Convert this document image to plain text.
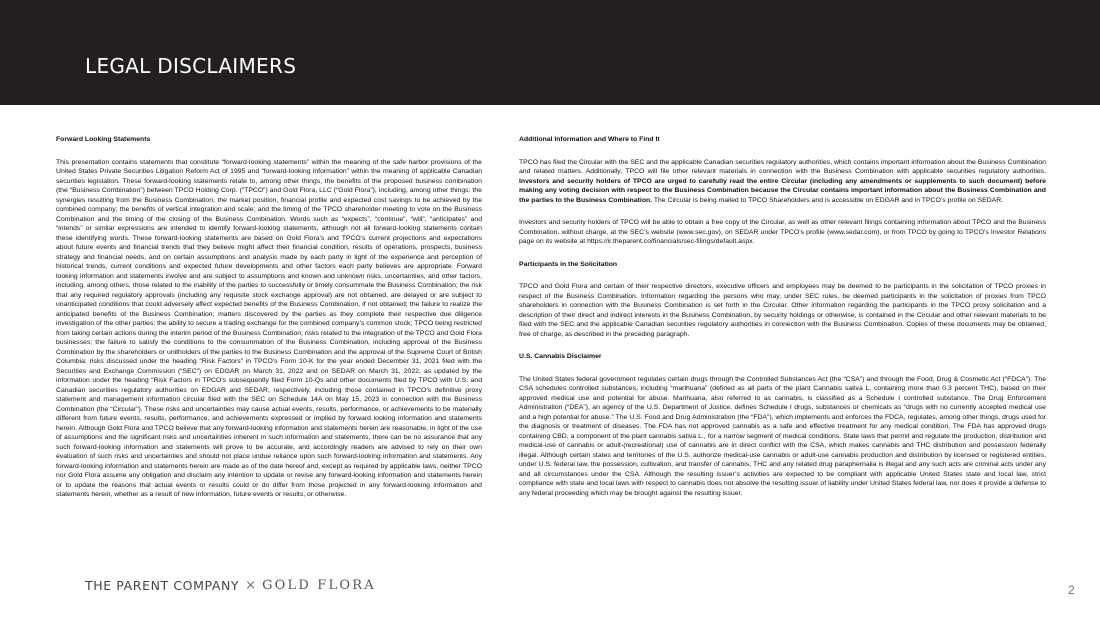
LEGAL DISCLAIMERS
Forward Looking Statements

This presentation contains statements that constitute “forward-looking statements” within the meaning of the safe harbor provisions of the United States Private Securities Litigation Reform Act of 1995 and “forward-looking information” within the meaning of applicable Canadian securities legislation. These forward-looking statements relate to, among other things, the benefits of the proposed business combination (the “Business Combination”) between TPCO Holding Corp. (“TPCO”) and Gold Flora, LLC (“Gold Flora”), including, among other things: the synergies resulting from the Business Combination; the market position, financial profile and expected cost savings to be achieved by the combined company; the benefits of vertical integration and scale; and the timing of the TPCO shareholder meeting to vote on the Business Combination and the timing of the closing of the Business Combination. Words such as “expects”, “continue”, “will”, “anticipates” and “intends” or similar expressions are intended to identify forward-looking statements, although not all forward-looking statements contain these identifying words. These forward-looking statements are based on Gold Flora’s and TPCO’s current projections and expectations about future events and financial trends that they believe might affect their financial condition, results of operations, prospects, business strategy and financial needs, and on certain assumptions and analysis made by each party in light of the experience and perception of historical trends, current conditions and expected future developments and other factors each party believes are appropriate. Forward looking information and statements involve and are subject to assumptions and known and unknown risks, uncertainties, and other factors, including, among others, those related to the inability of the parties to successfully or timely consummate the Business Combination; the risk that any required regulatory approvals (including any requisite stock exchange approval) are not obtained, are delayed or are subject to unanticipated conditions that could adversely affect expected benefits of the Business Combination, if not obtained; the failure to realize the anticipated benefits of the Business Combination; matters discovered by the parties as they complete their respective due diligence investigation of the other parties; the ability to secure a trading exchange for the combined company’s common stock; TPCO being restricted from taking certain actions during the interim period of the Business Combination; risks related to the integration of the TPCO and Gold Flora businesses; the failure to satisfy the conditions to the consummation of the Business Combination, including approval of the Business Combination by the shareholders or unitholders of the parties to the Business Combination and the approval of the Supreme Court of British Columbia; risks discussed under the heading “Risk Factors” in TPCO’s Form 10-K for the year ended December 31, 2021 filed with the Securities and Exchange Commission (“SEC”) on EDGAR on March 31, 2022 and on SEDAR on March 31, 2022, as updated by the information under the heading “Risk Factors in TPCO’s subsequently filed Form 10-Qs and other documents filed by TPCO with U.S. and Canadian securities regulatory authorities on EDGAR and SEDAR, respectively, including those contained in TPCO’s definitive proxy statement and management information circular filed with the SEC on Schedule 14A on May 15, 2023 in connection with the Business Combination (the “Circular”). These risks and uncertainties may cause actual events, results, performance, or achievements to be materially different from future events, results, performance, and achievements expressed or implied by forward looking information and statements herein. Although Gold Flora and TPCO believe that any forward-looking information and statements herein are reasonable, in light of the use of assumptions and the significant risks and uncertainties inherent in such information and statements, there can be no assurance that any such forward-looking information and statements will prove to be accurate, and accordingly readers are advised to rely on their own evaluation of such risks and uncertainties and should not place undue reliance upon such forward-looking information and statements. Any forward-looking information and statements herein are made as of the date hereof and, except as required by applicable laws, neither TPCO nor Gold Flora assume any obligation and disclaim any intention to update or revise any forward-looking information and statements herein or to update the reasons that actual events or results could or do differ from those projected in any forward-looking information and statements herein, whether as a result of new information, future events or results, or otherwise.

Additional Information and Where to Find It

TPCO has filed the Circular with the SEC and the applicable Canadian securities regulatory authorities, which contains important information about the Business Combination and related matters. Additionally, TPCO will file other relevant materials in connection with the Business Combination with applicable securities regulatory authorities. Investors and security holders of TPCO are urged to carefully read the entire Circular (including any amendments or supplements to such document) before making any voting decision with respect to the Business Combination because the Circular contains important information about the Business Combination and the parties to the Business Combination. The Circular is being mailed to TPCO Shareholders and is accessible on EDGAR and in TPCO’s profile on SEDAR.

Investors and security holders of TPCO will be able to obtain a free copy of the Circular, as well as other relevant filings containing information about TPCO and the Business Combination, without charge, at the SEC’s website (www.sec.gov), on SEDAR under TPCO’s profile (www.sedar.com), or from TPCO by going to TPCO’s Investor Relations page on its website at https://ir.theparent.co/financials/sec-filings/default.aspx.

Participants in the Solicitation

TPCO and Gold Flora and certain of their respective directors, executive officers and employees may be deemed to be participants in the solicitation of TPCO proxies in respect of the Business Combination. Information regarding the persons who may, under SEC rules, be deemed participants in the solicitation of proxies from TPCO shareholders in connection with the Business Combination is set forth in the Circular. Other information regarding the participants in the TPCO proxy solicitation and a description of their direct and indirect interests in the Business Combination, by security holdings or otherwise, is contained in the Circular and other relevant materials to be filed with the SEC and the applicable Canadian securities regulatory authorities in connection with the Business Combination. Copies of these documents may be obtained, free of charge, as described in the preceding paragraph.

U.S. Cannabis Disclaimer

The United States federal government regulates certain drugs through the Controlled Substances Act (the “CSA”) and through the Food, Drug & Cosmetic Act (“FDCA”). The CSA schedules controlled substances, including “marihuana” (defined as all parts of the plant Cannabis sativa L. containing more than 0.3 percent THC), based on their approved medical use and potential for abuse. Marihuana, also referred to as cannabis, is classified as a Schedule I controlled substance. The Drug Enforcement Administration (“DEA”), an agency of the U.S. Department of Justice, defines Schedule I drugs, substances or chemicals as “drugs with no currently accepted medical use and a high potential for abuse.” The U.S. Food and Drug Administration (the “FDA”), which implements and enforces the FDCA, regulates, among other things, drugs used for the diagnosis or treatment of diseases. The FDA has not approved cannabis as a safe and effective treatment for any medical condition. The FDA has approved drugs containing CBD, a component of the plant cannabis sativa L., for a narrow segment of medical conditions. State laws that permit and regulate the production, distribution and medical-use of cannabis or adult-(recreational) use of cannabis are in direct conflict with the CSA, which makes cannabis and THC distribution and possession federally illegal. Although certain states and territories of the U.S. authorize medical-use cannabis or adult-use cannabis production and distribution by licensed or registered entities, under U.S. federal law, the possession, cultivation, and transfer of cannabis, THC and any related drug paraphernalia is illegal and any such acts are criminal acts under any and all circumstances under the CSA. Although the resulting issuer’s activities are expected to be compliant with applicable United States state and local law, strict compliance with state and local laws with respect to cannabis does not absolve the resulting issuer of liability under United States federal law, nor does it provide a defense to any federal proceeding which may be brought against the resulting issuer.

THE PARENT COMPANY × GOLD FLORA	2
